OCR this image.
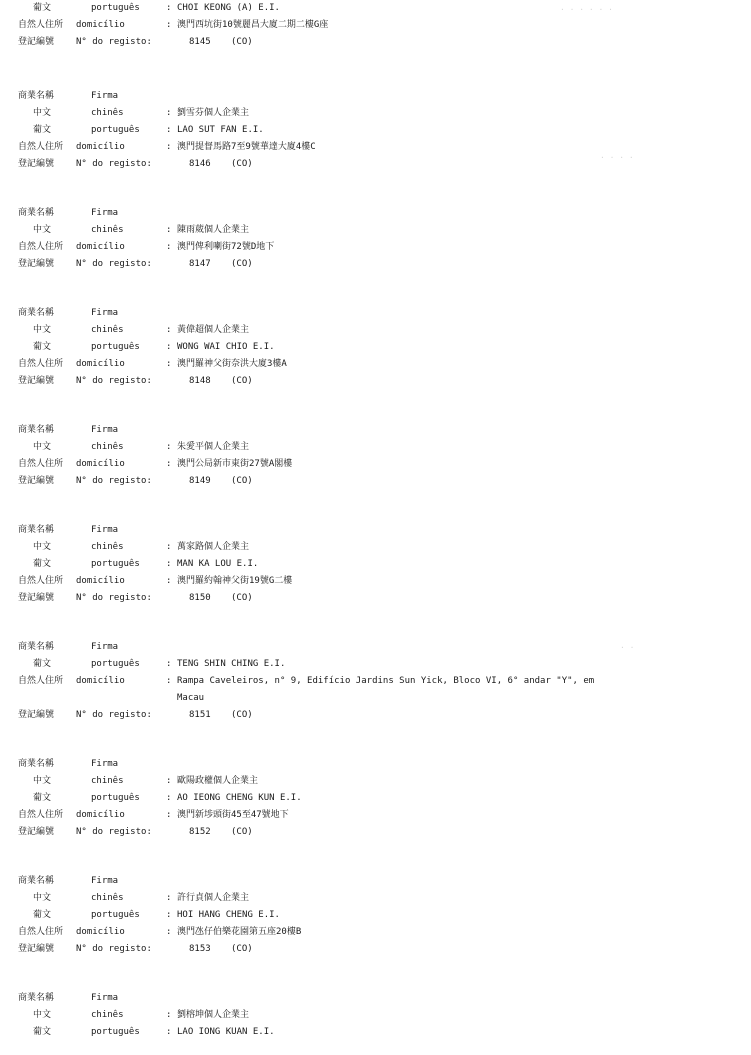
· · · · · ·
· · · ·
· ·
葡文	português	: CHOI KEONG (A) E.I.
自然人住所 domicílio	: 澳門西坑街10號麗昌大廈二期二樓G座
登記編號 N° do registo:	8145 (CO)
商業名稱	Firma
中文	chinês	: 劉雪芬個人企業主
葡文	português	: LAO SUT FAN E.I.
自然人住所 domicílio	: 澳門提督馬路7至9號華達大廈4樓C
登記編號 N° do registo:	8146 (CO)
商業名稱	Firma
中文	chinês	: 陳雨葳個人企業主
自然人住所 domicílio	: 澳門俾利喇街72號D地下
登記編號 N° do registo:	8147 (CO)
商業名稱	Firma
中文	chinês	: 黃偉超個人企業主
葡文	português	: WONG WAI CHIO E.I.
自然人住所 domicílio	: 澳門羅神父街奈洪大廈3樓A
登記編號 N° do registo:	8148 (CO)
商業名稱	Firma
中文	chinês	: 朱愛平個人企業主
自然人住所 domicílio	: 澳門公局新市東街27號A閣樓
登記編號 N° do registo:	8149 (CO)
商業名稱	Firma
中文	chinês	: 萬家路個人企業主
葡文	português	: MAN KA LOU E.I.
自然人住所 domicílio	: 澳門羅約翰神父街19號G二樓
登記編號 N° do registo:	8150 (CO)
商業名稱	Firma
葡文	português	: TENG SHIN CHING E.I.
自然人住所 domicílio	: Rampa Caveleiros, n° 9, Edifício Jardins Sun Yick, Bloco VI, 6° andar "Y", em
Macau
登記編號 N° do registo:	8151 (CO)
商業名稱	Firma
中文	chinês	: 歐陽政權個人企業主
葡文	português	: AO IEONG CHENG KUN E.I.
自然人住所 domicílio	: 澳門新埗頭街45至47號地下
登記編號 N° do registo:	8152 (CO)
商業名稱	Firma
中文	chinês	: 許行貞個人企業主
葡文	português	: HOI HANG CHENG E.I.
自然人住所 domicílio	: 澳門氹仔伯樂花園第五座20樓B
登記編號 N° do registo:	8153 (CO)
商業名稱	Firma
中文	chinês	: 劉榕坤個人企業主
葡文	português	: LAO IONG KUAN E.I.
